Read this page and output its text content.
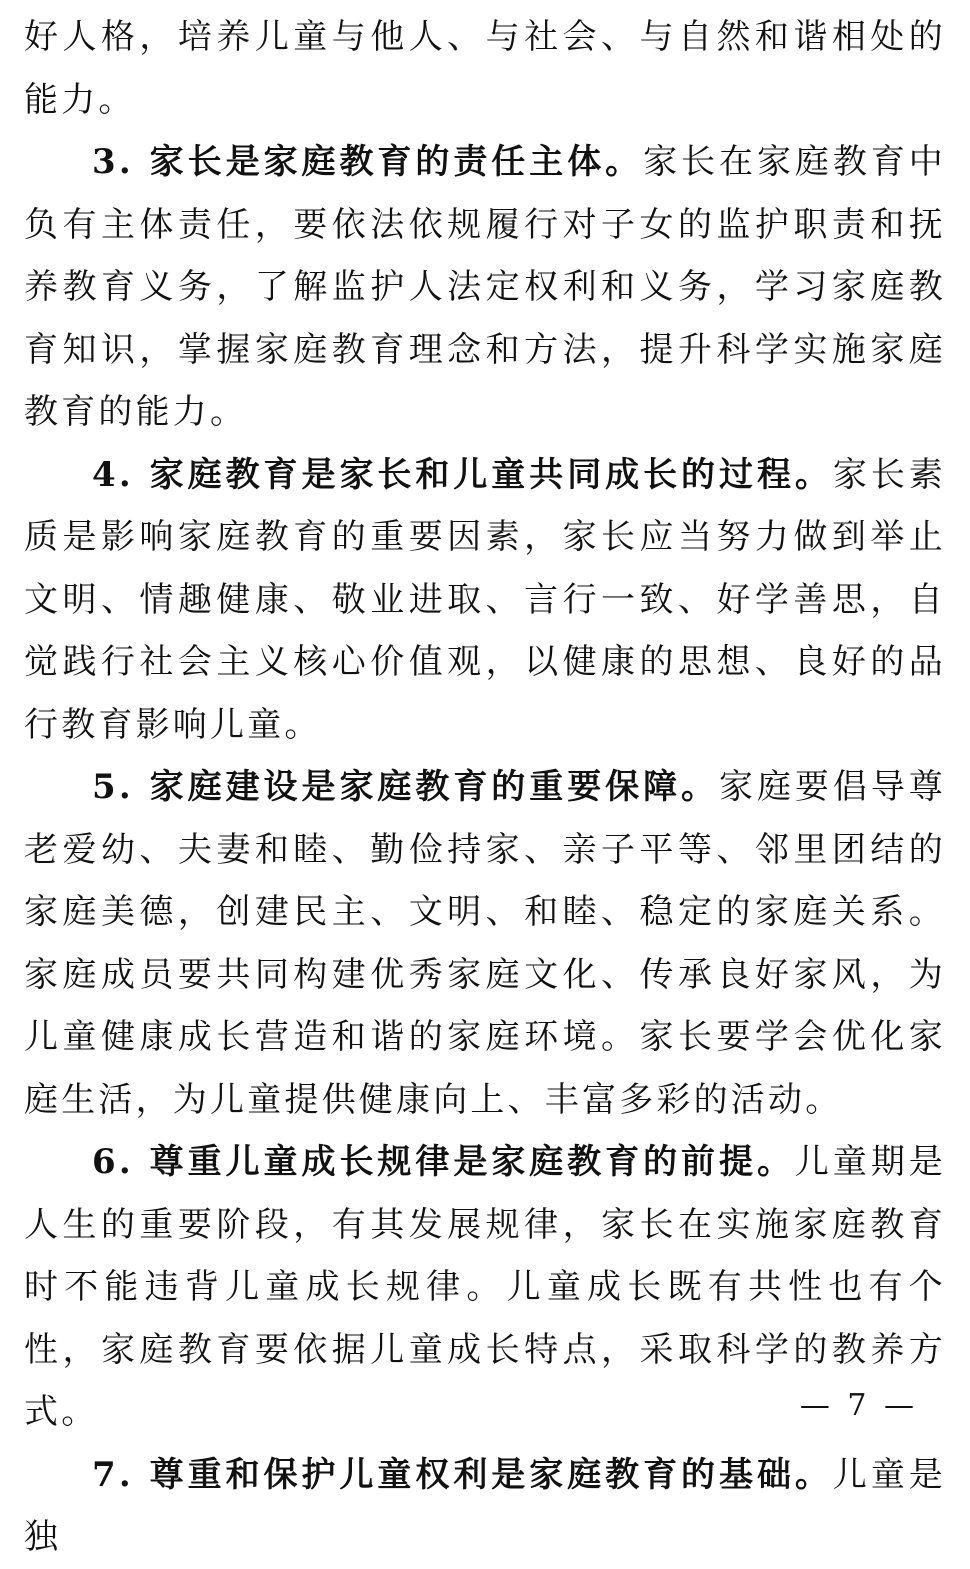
好人格，培养儿童与他人、与社会、与自然和谐相处的能力。

3. 家长是家庭教育的责任主体。家长在家庭教育中负有主体责任，要依法依规履行对子女的监护职责和抚养教育义务，了解监护人法定权利和义务，学习家庭教育知识，掌握家庭教育理念和方法，提升科学实施家庭教育的能力。

4. 家庭教育是家长和儿童共同成长的过程。家长素质是影响家庭教育的重要因素，家长应当努力做到举止文明、情趣健康、敬业进取、言行一致、好学善思，自觉践行社会主义核心价值观，以健康的思想、良好的品行教育影响儿童。

5. 家庭建设是家庭教育的重要保障。家庭要倡导尊老爱幼、夫妻和睦、勤俭持家、亲子平等、邻里团结的家庭美德，创建民主、文明、和睦、稳定的家庭关系。家庭成员要共同构建优秀家庭文化、传承良好家风，为儿童健康成长营造和谐的家庭环境。家长要学会优化家庭生活，为儿童提供健康向上、丰富多彩的活动。

6. 尊重儿童成长规律是家庭教育的前提。儿童期是人生的重要阶段，有其发展规律，家长在实施家庭教育时不能违背儿童成长规律。儿童成长既有共性也有个性，家庭教育要依据儿童成长特点，采取科学的教养方式。

7. 尊重和保护儿童权利是家庭教育的基础。儿童是独

— 7 —
